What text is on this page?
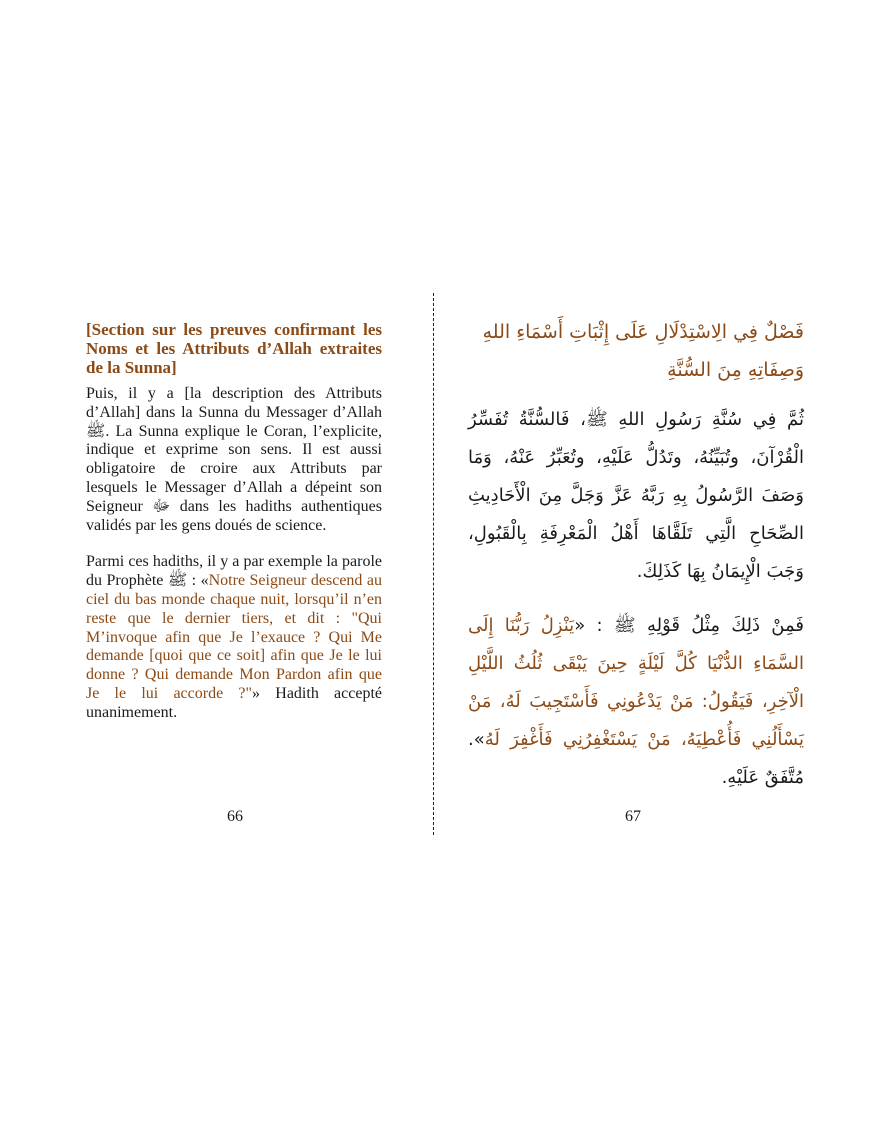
[Section sur les preuves confirmant les Noms et les Attributs d’Allah extraites de la Sunna]

Puis, il y a [la description des Attributs d’Allah] dans la Sunna du Messager d’Allah ﷺ. La Sunna explique le Coran, l’explicite, indique et exprime son sens. Il est aussi obligatoire de croire aux Attributs par lesquels le Messager d’Allah a dépeint son Seigneur ﷻ dans les hadiths authentiques validés par les gens doués de science.

Parmi ces hadiths, il y a par exemple la parole du Prophète ﷺ : «Notre Seigneur descend au ciel du bas monde chaque nuit, lorsqu’il n’en reste que le dernier tiers, et dit : "Qui M’invoque afin que Je l’exauce ? Qui Me demande [quoi que ce soit] afin que Je le lui donne ? Qui demande Mon Pardon afin que Je le lui accorde ?"» Hadith accepté unanimement.

66

فَصْلٌ فِي الِاسْتِدْلَالِ عَلَى إِثْبَاتِ أَسْمَاءِ اللهِ وَصِفَاتِهِ مِنَ السُّنَّةِ

ثُمَّ فِي سُنَّةِ رَسُولِ اللهِ ﷺ، فَالسُّنَّةُ تُفَسِّرُ الْقُرْآنَ، وتُبَيِّنُهُ، وتَدُلُّ عَلَيْهِ، وتُعَبِّرُ عَنْهُ، وَمَا وَصَفَ الرَّسُولُ بِهِ رَبَّهُ عَزَّ وَجَلَّ مِنَ الْأَحَادِيثِ الصِّحَاحِ الَّتِي تَلَقَّاهَا أَهْلُ الْمَعْرِفَةِ بِالْقَبُولِ، وَجَبَ الْإِيمَانُ بِهَا كَذَلِكَ.

فَمِنْ ذَلِكَ مِثْلُ قَوْلِهِ ﷺ : «يَنْزِلُ رَبُّنَا إِلَى السَّمَاءِ الدُّنْيَا كُلَّ لَيْلَةٍ حِينَ يَبْقَى ثُلُثُ اللَّيْلِ الْآخِرِ، فَيَقُولُ: مَنْ يَدْعُونِي فَأَسْتَجِيبَ لَهُ، مَنْ يَسْأَلُنِي فَأُعْطِيَهُ، مَنْ يَسْتَغْفِرُنِي فَأَغْفِرَ لَهُ». مُتَّفَقٌ عَلَيْهِ.

67
